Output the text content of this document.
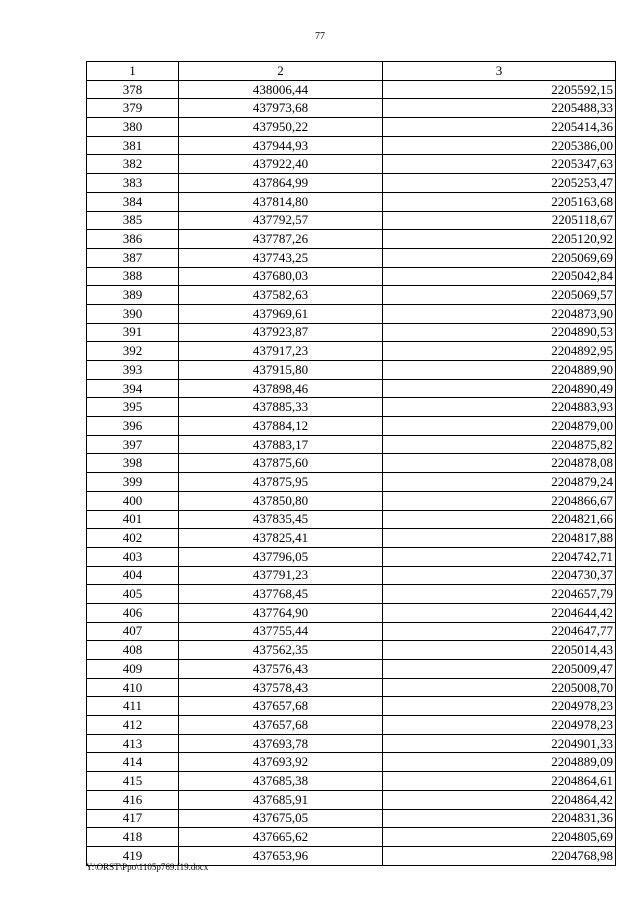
77
1	2	3
378	438006,44	2205592,15
379	437973,68	2205488,33
380	437950,22	2205414,36
381	437944,93	2205386,00
382	437922,40	2205347,63
383	437864,99	2205253,47
384	437814,80	2205163,68
385	437792,57	2205118,67
386	437787,26	2205120,92
387	437743,25	2205069,69
388	437680,03	2205042,84
389	437582,63	2205069,57
390	437969,61	2204873,90
391	437923,87	2204890,53
392	437917,23	2204892,95
393	437915,80	2204889,90
394	437898,46	2204890,49
395	437885,33	2204883,93
396	437884,12	2204879,00
397	437883,17	2204875,82
398	437875,60	2204878,08
399	437875,95	2204879,24
400	437850,80	2204866,67
401	437835,45	2204821,66
402	437825,41	2204817,88
403	437796,05	2204742,71
404	437791,23	2204730,37
405	437768,45	2204657,79
406	437764,90	2204644,42
407	437755,44	2204647,77
408	437562,35	2205014,43
409	437576,43	2205009,47
410	437578,43	2205008,70
411	437657,68	2204978,23
412	437657,68	2204978,23
413	437693,78	2204901,33
414	437693,92	2204889,09
415	437685,38	2204864,61
416	437685,91	2204864,42
417	437675,05	2204831,36
418	437665,62	2204805,69
419	437653,96	2204768,98
Y:\ORST\Ppo\1105p769.f19.docx
